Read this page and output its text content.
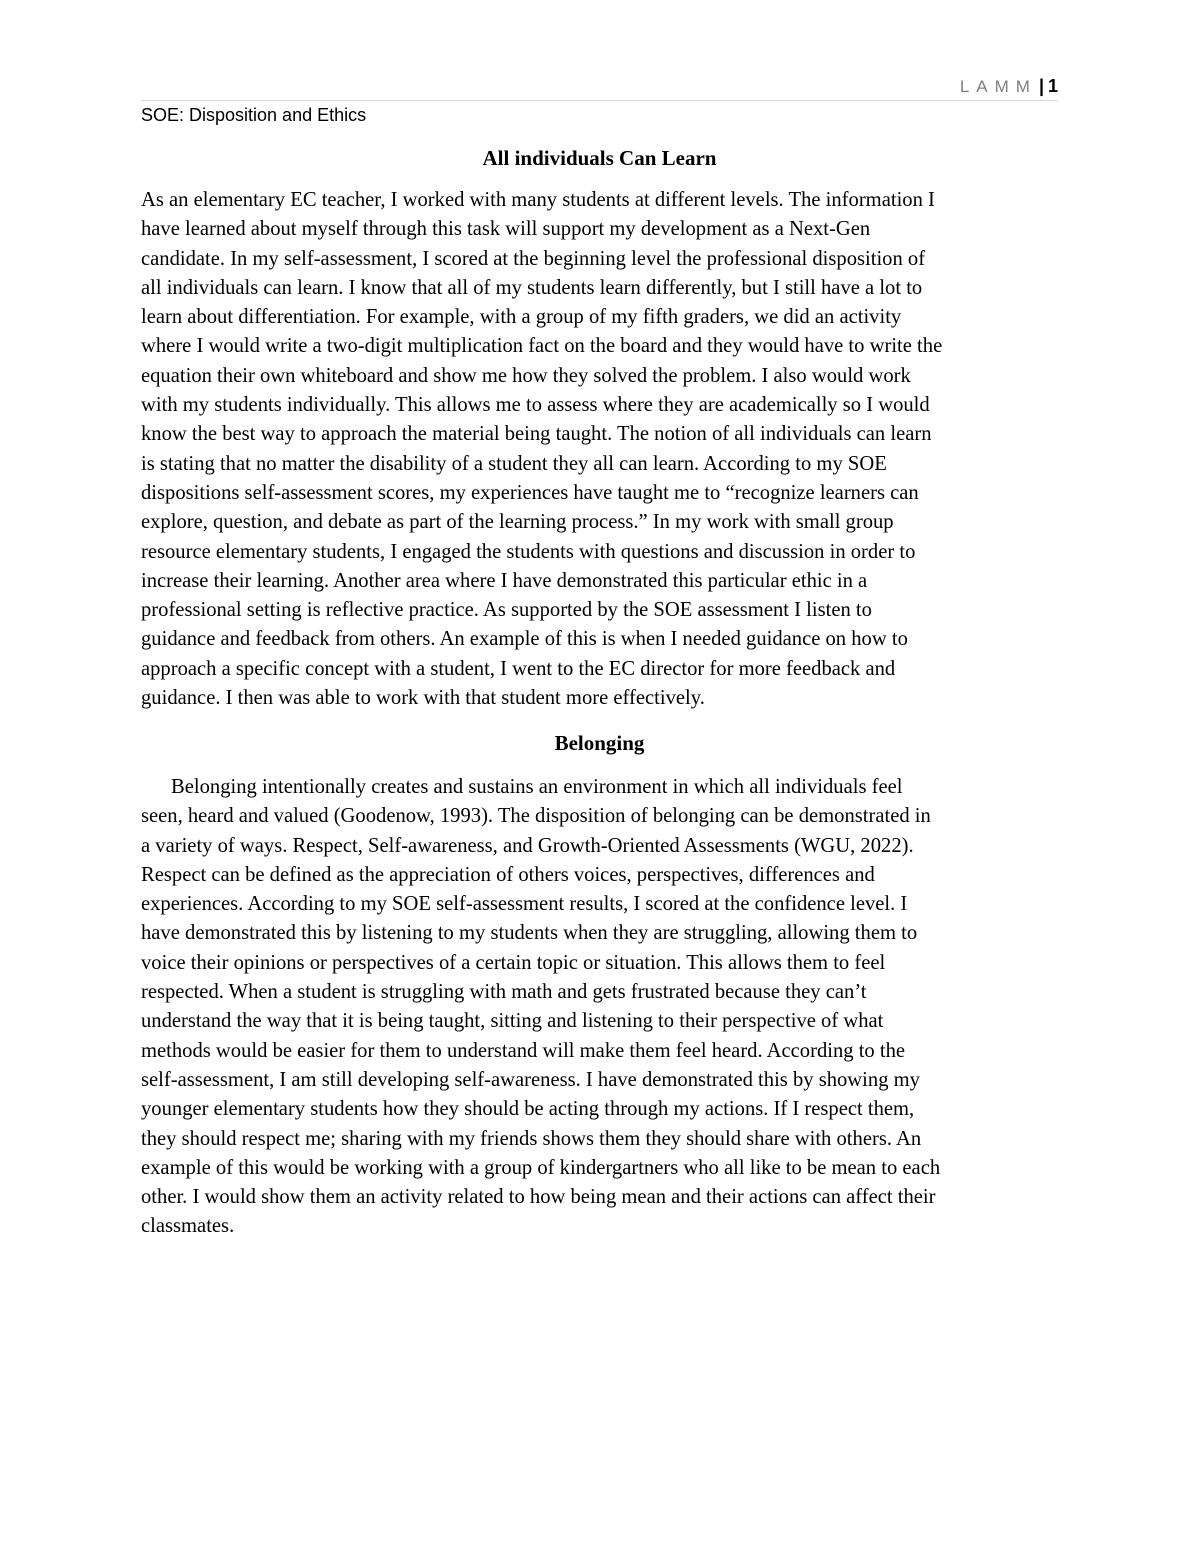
LAMM | 1
SOE: Disposition and Ethics
All individuals Can Learn

As an elementary EC teacher, I worked with many students at different levels. The information I
have learned about myself through this task will support my development as a Next-Gen
candidate. In my self-assessment, I scored at the beginning level the professional disposition of
all individuals can learn. I know that all of my students learn differently, but I still have a lot to
learn about differentiation. For example, with a group of my fifth graders, we did an activity
where I would write a two-digit multiplication fact on the board and they would have to write the
equation their own whiteboard and show me how they solved the problem. I also would work
with my students individually. This allows me to assess where they are academically so I would
know the best way to approach the material being taught. The notion of all individuals can learn
is stating that no matter the disability of a student they all can learn. According to my SOE
dispositions self-assessment scores, my experiences have taught me to “recognize learners can
explore, question, and debate as part of the learning process.” In my work with small group
resource elementary students, I engaged the students with questions and discussion in order to
increase their learning. Another area where I have demonstrated this particular ethic in a
professional setting is reflective practice. As supported by the SOE assessment I listen to
guidance and feedback from others. An example of this is when I needed guidance on how to
approach a specific concept with a student, I went to the EC director for more feedback and
guidance. I then was able to work with that student more effectively.

Belonging

Belonging intentionally creates and sustains an environment in which all individuals feel
seen, heard and valued (Goodenow, 1993). The disposition of belonging can be demonstrated in
a variety of ways. Respect, Self-awareness, and Growth-Oriented Assessments (WGU, 2022).
Respect can be defined as the appreciation of others voices, perspectives, differences and
experiences. According to my SOE self-assessment results, I scored at the confidence level. I
have demonstrated this by listening to my students when they are struggling, allowing them to
voice their opinions or perspectives of a certain topic or situation. This allows them to feel
respected. When a student is struggling with math and gets frustrated because they can’t
understand the way that it is being taught, sitting and listening to their perspective of what
methods would be easier for them to understand will make them feel heard. According to the
self-assessment, I am still developing self-awareness. I have demonstrated this by showing my
younger elementary students how they should be acting through my actions. If I respect them,
they should respect me; sharing with my friends shows them they should share with others. An
example of this would be working with a group of kindergartners who all like to be mean to each
other. I would show them an activity related to how being mean and their actions can affect their
classmates.
